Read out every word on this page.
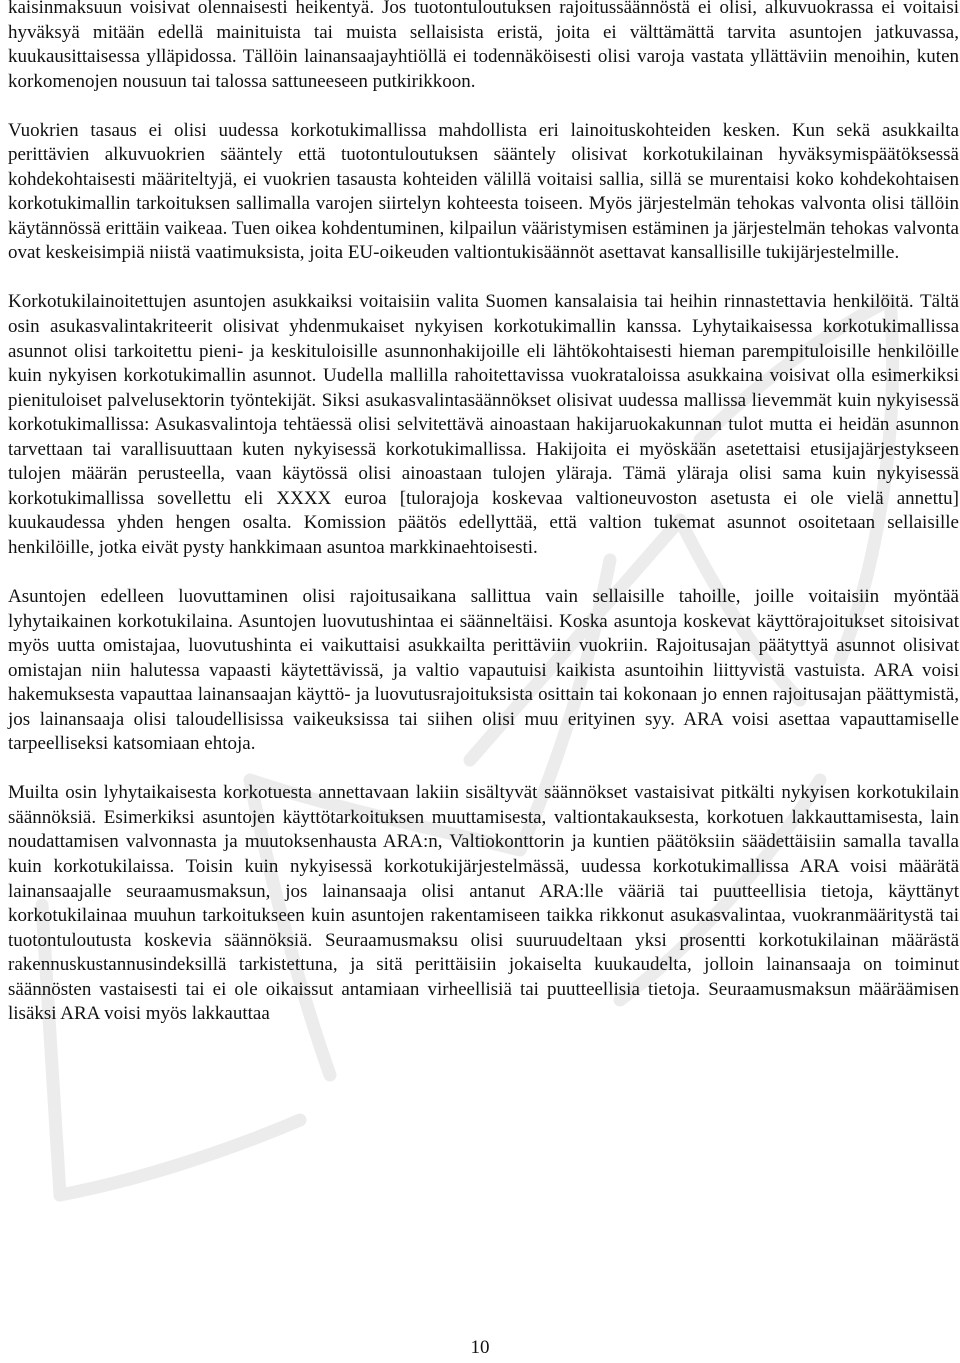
kaisinmaksuun voisivat olennaisesti heikentyä. Jos tuotontuloutuksen rajoitussäännöstä ei olisi, alkuvuokrassa ei voitaisi hyväksyä mitään edellä mainituista tai muista sellaisista eristä, joita ei välttämättä tarvita asuntojen jatkuvassa, kuukausittaisessa ylläpidossa. Tällöin lainansaajayhtiöllä ei todennäköisesti olisi varoja vastata yllättäviin menoihin, kuten korkomenojen nousuun tai talossa sattuneeseen putkirikkoon.

Vuokrien tasaus ei olisi uudessa korkotukimallissa mahdollista eri lainoituskohteiden kesken. Kun sekä asukkailta perittävien alkuvuokrien sääntely että tuotontuloutuksen sääntely olisivat korkotukilainan hyväksymispäätöksessä kohdekohtaisesti määriteltyjä, ei vuokrien tasausta kohteiden välillä voitaisi sallia, sillä se murentaisi koko kohdekohtaisen korkotukimallin tarkoituksen sallimalla varojen siirtelyn kohteesta toiseen. Myös järjestelmän tehokas valvonta olisi tällöin käytännössä erittäin vaikeaa. Tuen oikea kohdentuminen, kilpailun vääristymisen estäminen ja järjestelmän tehokas valvonta ovat keskeisimpiä niistä vaatimuksista, joita EU-oikeuden valtiontukisäännöt asettavat kansallisille tukijärjestelmille.

Korkotukilainoitettujen asuntojen asukkaiksi voitaisiin valita Suomen kansalaisia tai heihin rinnastettavia henkilöitä. Tältä osin asukasvalintakriteerit olisivat yhdenmukaiset nykyisen korkotukimallin kanssa. Lyhytaikaisessa korkotukimallissa asunnot olisi tarkoitettu pieni- ja keskituloisille asunnonhakijoille eli lähtökohtaisesti hieman parempituloisille henkilöille kuin nykyisen korkotukimallin asunnot. Uudella mallilla rahoitettavissa vuokrataloissa asukkaina voisivat olla esimerkiksi pienituloiset palvelusektorin työntekijät. Siksi asukasvalintasäännökset olisivat uudessa mallissa lievemmät kuin nykyisessä korkotukimallissa: Asukasvalintoja tehtäessä olisi selvitettävä ainoastaan hakijaruokakunnan tulot mutta ei heidän asunnon tarvettaan tai varallisuuttaan kuten nykyisessä korkotukimallissa. Hakijoita ei myöskään asetettaisi etusijajärjestykseen tulojen määrän perusteella, vaan käytössä olisi ainoastaan tulojen yläraja. Tämä yläraja olisi sama kuin nykyisessä korkotukimallissa sovellettu eli XXXX euroa [tulorajoja koskevaa valtioneuvoston asetusta ei ole vielä annettu] kuukaudessa yhden hengen osalta. Komission päätös edellyttää, että valtion tukemat asunnot osoitetaan sellaisille henkilöille, jotka eivät pysty hankkimaan asuntoa markkinaehtoisesti.

Asuntojen edelleen luovuttaminen olisi rajoitusaikana sallittua vain sellaisille tahoille, joille voitaisiin myöntää lyhytaikainen korkotukilaina. Asuntojen luovutushintaa ei säänneltäisi. Koska asuntoja koskevat käyttörajoitukset sitoisivat myös uutta omistajaa, luovutushinta ei vaikuttaisi asukkailta perittäviin vuokriin. Rajoitusajan päätyttyä asunnot olisivat omistajan niin halutessa vapaasti käytettävissä, ja valtio vapautuisi kaikista asuntoihin liittyvistä vastuista. ARA voisi hakemuksesta vapauttaa lainansaajan käyttö- ja luovutusrajoituksista osittain tai kokonaan jo ennen rajoitusajan päättymistä, jos lainansaaja olisi taloudellisissa vaikeuksissa tai siihen olisi muu erityinen syy. ARA voisi asettaa vapauttamiselle tarpeelliseksi katsomiaan ehtoja.

Muilta osin lyhytaikaisesta korkotuesta annettavaan lakiin sisältyvät säännökset vastaisivat pitkälti nykyisen korkotukilain säännöksiä. Esimerkiksi asuntojen käyttötarkoituksen muuttamisesta, valtiontakauksesta, korkotuen lakkauttamisesta, lain noudattamisen valvonnasta ja muutoksenhausta ARA:n, Valtiokonttorin ja kuntien päätöksiin säädettäisiin samalla tavalla kuin korkotukilaissa. Toisin kuin nykyisessä korkotukijärjestelmässä, uudessa korkotukimallissa ARA voisi määrätä lainansaajalle seuraamusmaksun, jos lainansaaja olisi antanut ARA:lle vääriä tai puutteellisia tietoja, käyttänyt korkotukilainaa muuhun tarkoitukseen kuin asuntojen rakentamiseen taikka rikkonut asukasvalintaa, vuokranmääritystä tai tuotontuloutusta koskevia säännöksiä. Seuraamusmaksu olisi suuruudeltaan yksi prosentti korkotukilainan määrästä rakennuskustannusindeksillä tarkistettuna, ja sitä perittäisiin jokaiselta kuukaudelta, jolloin lainansaaja on toiminut säännösten vastaisesti tai ei ole oikaissut antamiaan virheellisiä tai puutteellisia tietoja. Seuraamusmaksun määräämisen lisäksi ARA voisi myös lakkauttaa

10
